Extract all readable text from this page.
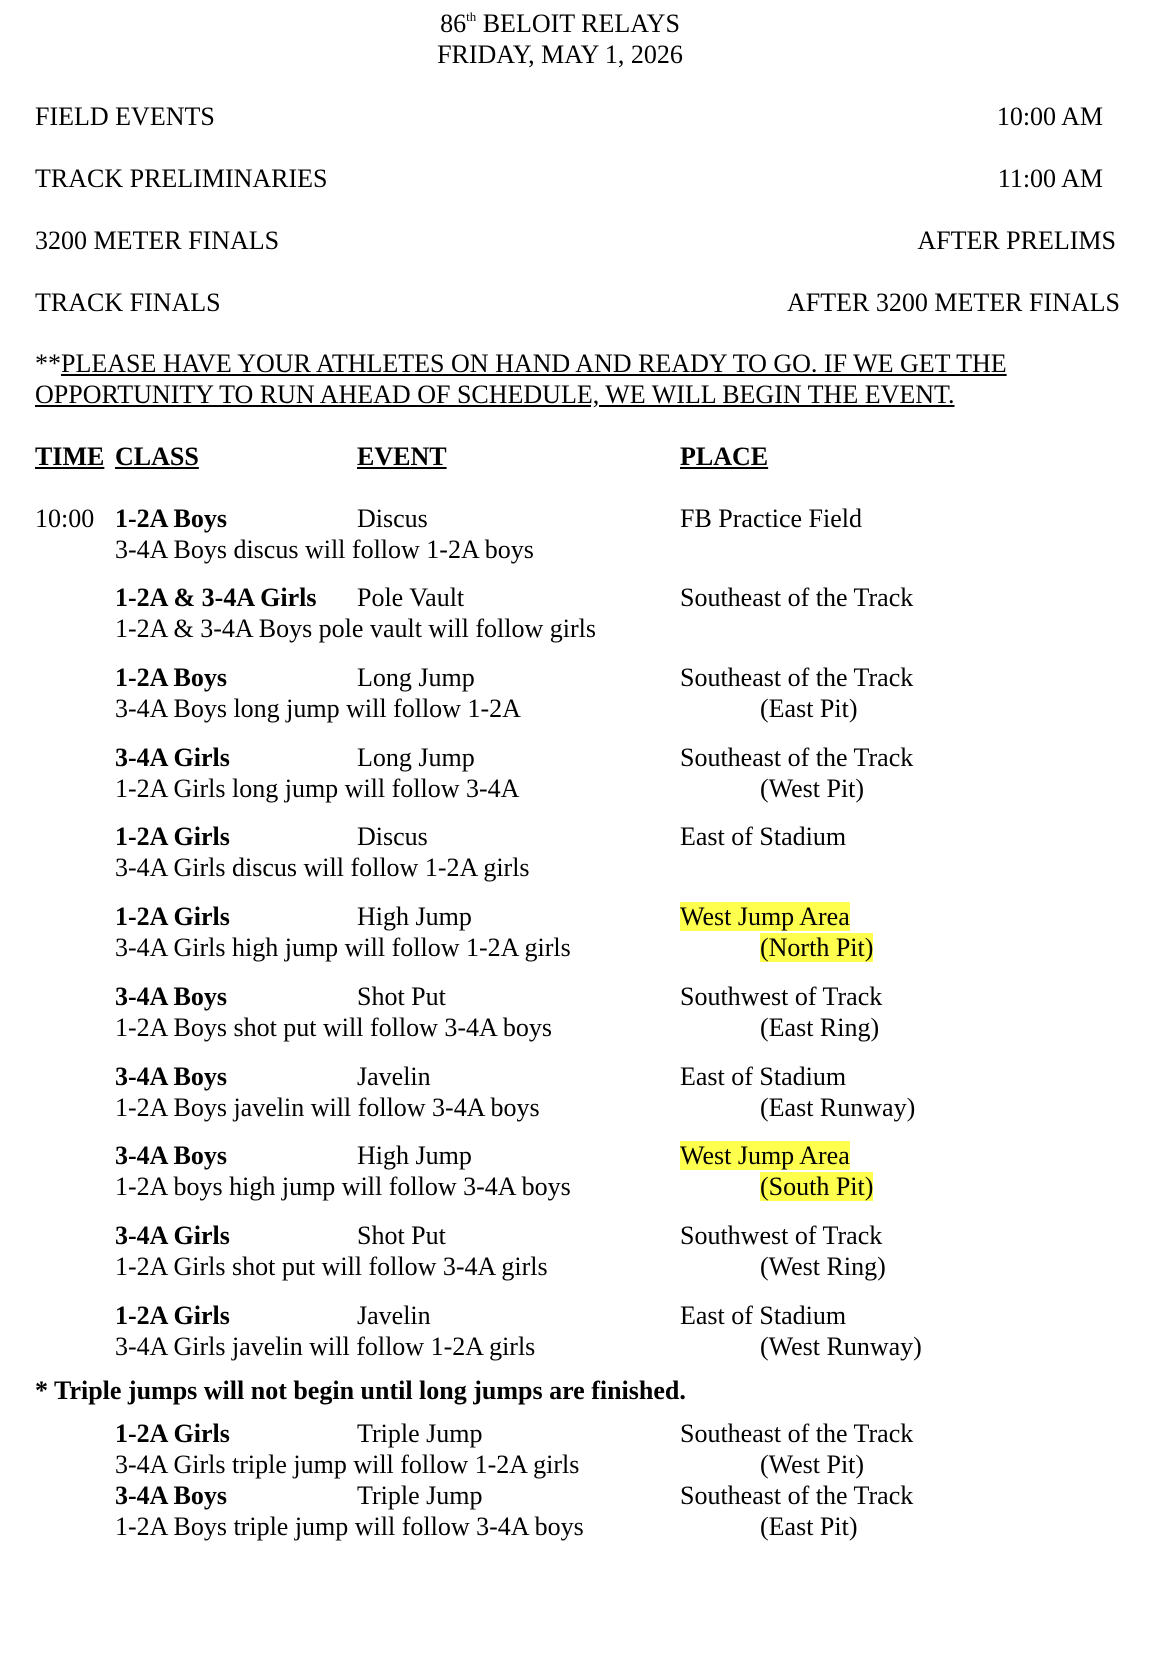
86th BELOIT RELAYS
FRIDAY, MAY 1, 2026
FIELD EVENTS	10:00 AM
TRACK PRELIMINARIES	11:00 AM
3200 METER FINALS	AFTER PRELIMS
TRACK FINALS	AFTER 3200 METER FINALS
**PLEASE HAVE YOUR ATHLETES ON HAND AND READY TO GO. IF WE GET THE
OPPORTUNITY TO RUN AHEAD OF SCHEDULE, WE WILL BEGIN THE EVENT.
TIME CLASS	EVENT	PLACE
10:00 1-2A Boys	Discus	FB Practice Field
3-4A Boys discus will follow 1-2A boys
1-2A & 3-4A Girls Pole Vault	Southeast of the Track
1-2A & 3-4A Boys pole vault will follow girls
1-2A Boys	Long Jump	Southeast of the Track
3-4A Boys long jump will follow 1-2A	(East Pit)
3-4A Girls	Long Jump	Southeast of the Track
1-2A Girls long jump will follow 3-4A	(West Pit)
1-2A Girls	Discus	East of Stadium
3-4A Girls discus will follow 1-2A girls
1-2A Girls	High Jump	West Jump Area
3-4A Girls high jump will follow 1-2A girls	(North Pit)
3-4A Boys	Shot Put	Southwest of Track
1-2A Boys shot put will follow 3-4A boys	(East Ring)
3-4A Boys	Javelin	East of Stadium
1-2A Boys javelin will follow 3-4A boys	(East Runway)
3-4A Boys	High Jump	West Jump Area
1-2A boys high jump will follow 3-4A boys	(South Pit)
3-4A Girls	Shot Put	Southwest of Track
1-2A Girls shot put will follow 3-4A girls	(West Ring)
1-2A Girls	Javelin	East of Stadium
3-4A Girls javelin will follow 1-2A girls	(West Runway)
* Triple jumps will not begin until long jumps are finished.
1-2A Girls	Triple Jump	Southeast of the Track
3-4A Girls triple jump will follow 1-2A girls	(West Pit)
3-4A Boys	Triple Jump	Southeast of the Track
1-2A Boys triple jump will follow 3-4A boys	(East Pit)
